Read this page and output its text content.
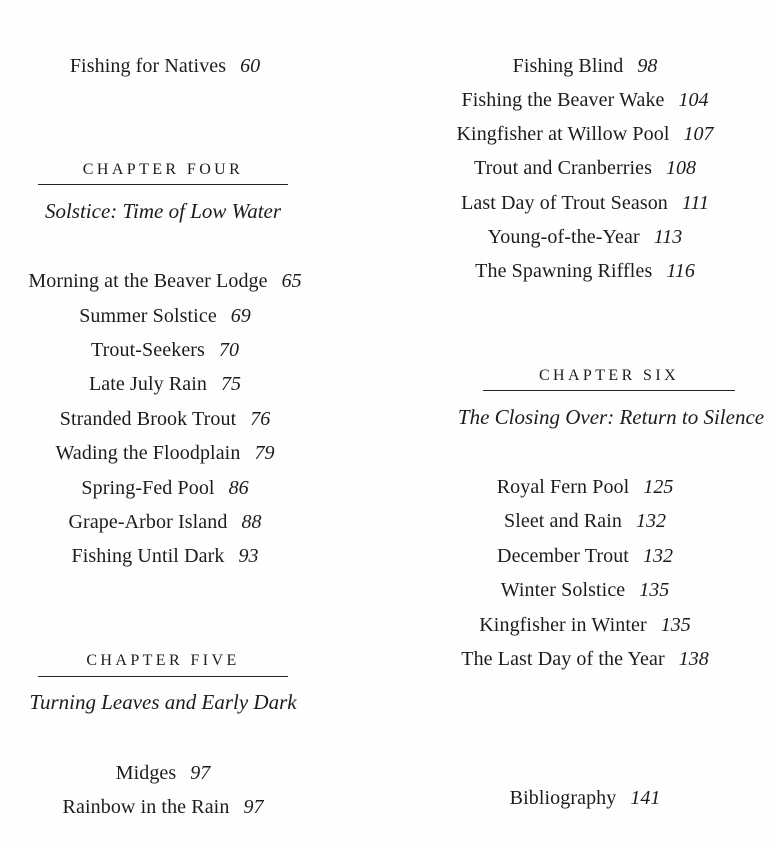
Fishing for Natives 60
CHAPTER FOUR
Solstice: Time of Low Water
Morning at the Beaver Lodge 65
Summer Solstice 69
Trout-Seekers 70
Late July Rain 75
Stranded Brook Trout 76
Wading the Floodplain 79
Spring-Fed Pool 86
Grape-Arbor Island 88
Fishing Until Dark 93
CHAPTER FIVE
Turning Leaves and Early Dark
Midges 97
Rainbow in the Rain 97
Fishing Blind 98
Fishing the Beaver Wake 104
Kingfisher at Willow Pool 107
Trout and Cranberries 108
Last Day of Trout Season 111
Young-of-the-Year 113
The Spawning Riffles 116
CHAPTER SIX
The Closing Over: Return to Silence
Royal Fern Pool 125
Sleet and Rain 132
December Trout 132
Winter Solstice 135
Kingfisher in Winter 135
The Last Day of the Year 138
Bibliography 141
